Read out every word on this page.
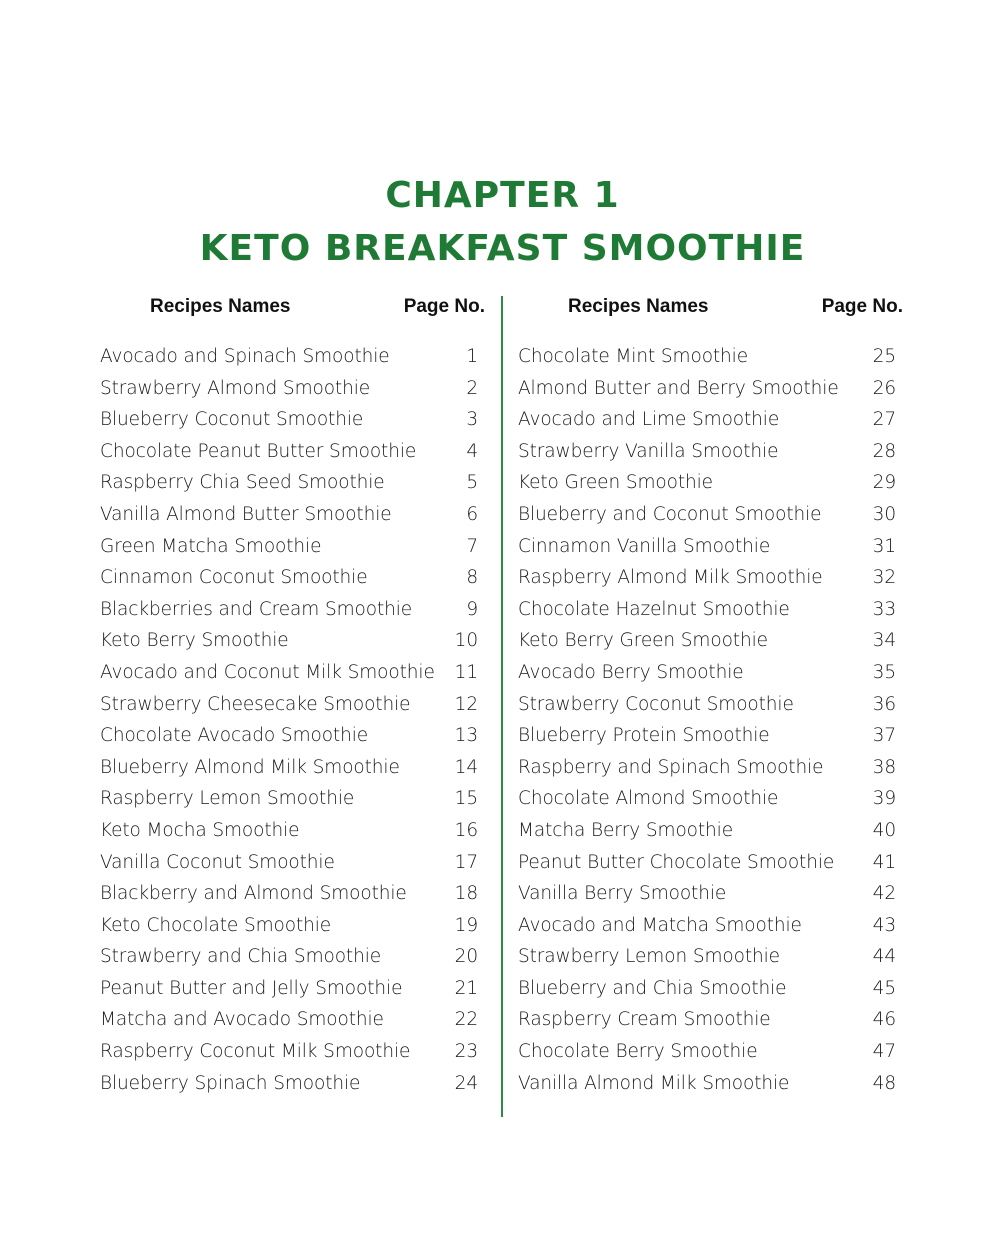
CHAPTER 1
KETO BREAKFAST SMOOTHIE
Recipes Names	Page No.
Avocado and Spinach Smoothie	1
Strawberry Almond Smoothie	2
Blueberry Coconut Smoothie	3
Chocolate Peanut Butter Smoothie	4
Raspberry Chia Seed Smoothie	5
Vanilla Almond Butter Smoothie	6
Green Matcha Smoothie	7
Cinnamon Coconut Smoothie	8
Blackberries and Cream Smoothie	9
Keto Berry Smoothie	10
Avocado and Coconut Milk Smoothie 11
Strawberry Cheesecake Smoothie 12
Chocolate Avocado Smoothie	13
Blueberry Almond Milk Smoothie	14
Raspberry Lemon Smoothie	15
Keto Mocha Smoothie	16
Vanilla Coconut Smoothie	17
Blackberry and Almond Smoothie	18
Keto Chocolate Smoothie	19
Strawberry and Chia Smoothie	20
Peanut Butter and Jelly Smoothie	21
Matcha and Avocado Smoothie	22
Raspberry Coconut Milk Smoothie 23
Blueberry Spinach Smoothie	24
Recipes Names	Page No.
Chocolate Mint Smoothie	25
Almond Butter and Berry Smoothie 26
Avocado and Lime Smoothie	27
Strawberry Vanilla Smoothie	28
Keto Green Smoothie	29
Blueberry and Coconut Smoothie	30
Cinnamon Vanilla Smoothie	31
Raspberry Almond Milk Smoothie	32
Chocolate Hazelnut Smoothie	33
Keto Berry Green Smoothie	34
Avocado Berry Smoothie	35
Strawberry Coconut Smoothie	36
Blueberry Protein Smoothie	37
Raspberry and Spinach Smoothie	38
Chocolate Almond Smoothie	39
Matcha Berry Smoothie	40
Peanut Butter Chocolate Smoothie 41
Vanilla Berry Smoothie	42
Avocado and Matcha Smoothie	43
Strawberry Lemon Smoothie	44
Blueberry and Chia Smoothie	45
Raspberry Cream Smoothie	46
Chocolate Berry Smoothie	47
Vanilla Almond Milk Smoothie	48
